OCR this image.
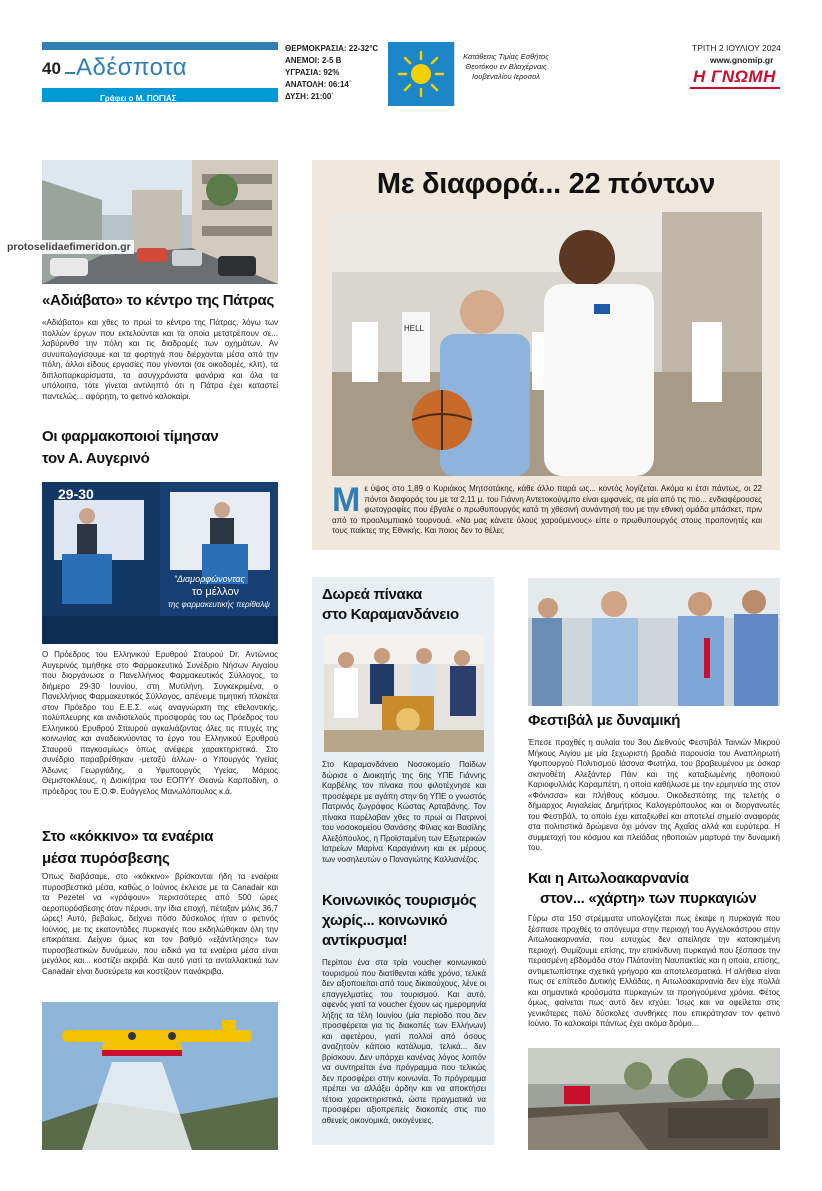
40 Αδέσποτα
Γράφει ο Μ. ΠΟΓΙΑΣ
ΘΕΡΜΟΚΡΑΣΙΑ: 22-32°C
ΑΝΕΜΟΙ: 2-5 Β
ΥΓΡΑΣΙΑ: 92%
ΑΝΑΤΟΛΗ: 06:14΄
ΔΥΣΗ: 21:00΄
Κατάθεσις Τιμίας Εσθήτος Θεοτόκου εν Βλαχέρναις Ιουβεναλίου Ιεροσολ
ΤΡΙΤΗ 2 ΙΟΥΛΙΟΥ 2024
www.gnomip.gr
Η ΓΝΩΜΗ
protoselidaefimeridon.gr
«Αδιάβατο» το κέντρο της Πάτρας
«Αδιάβατο» και χθες το πρωί το κέντρο της Πάτρας, λόγω των πολλών έργων που εκτελούνται και τα οποία μετατρέπουν σε... λαβύρινθο την πόλη και τις διαδρομές των οχημάτων. Αν συνυπολογίσουμε και τα φορτηγά που διέρχονται μέσα από την πόλη, άλλοι είδους εργασίες που γίνονται (σε οικοδομές, κλπ), τα διπλοπαρκαρίσματα, τα ασυγχρόνιστα φανάρια και όλα τα υπόλοιπα, τότε γίνεται αντιληπτό ότι η Πάτρα έχει καταστεί παντελώς... αφόρητη, το φετινό καλοκαίρι.
Οι φαρμακοποιοί τίμησαν
τον Α. Αυγερινό
29-30
“Διαμορφώνοντας
το μέλλον
της φαρμακευτικής περίθαλψ
Ο Πρόεδρος του Ελληνικού Ερυθρού Σταυρού Dr. Αντώνιος Αυγερινός τιμήθηκε στο Φαρμακευτικό Συνέδριο Νήσων Αιγαίου που διοργάνωσε ο Πανελλήνιος Φαρμακευτικός Σύλλογος, το διήμερο 29-30 Ιουνίου, στη Μυτιλήνη. Συγκεκριμένα, ο Πανελλήνιος Φαρμακευτικός Σύλλογος, απένειμε τιμητική πλακέτα στον Πρόεδρο του Ε.Ε.Σ. «ως αναγνώριση της εθελοντικής, πολύπλευρης και ανιδιοτελούς προσφοράς του ως Πρόεδρος του Ελληνικού Ερυθρού Σταυρού αγκαλιάζοντας όλες τις πτυχές της κοινωνίας και αναδεικνύοντας το έργο του Ελληνικού Ερυθρού Σταυρού παγκοσμίως» όπως ανέφερε χαρακτηριστικά. Στο συνέδριο παραβρέθηκαν -μεταξύ άλλων- ο Υπουργός Υγείας Άδωνις Γεωργιάδης, ο Υφυπουργός Υγείας, Μάριος Θεμιστοκλέους, η Διοικήτρια του ΕΟΠΥΥ Θεανώ Καρποδίνη, ο πρόεδρος του Ε.Ο.Φ. Ευάγγελος Μανωλόπουλος κ.ά.
Στο «κόκκινο» τα εναέρια
μέσα πυρόσβεσης
Όπως διαβάσαμε, στο «κόκκινο» βρίσκονται ήδη τα εναέρια πυροσβεστικά μέσα, καθώς ο Ιούνιος έκλεισε με τα Canadair και τα Pezetel να «γράφουν» περισσότερες από 500 ώρες αεροπυρόσβεσης όταν πέρυσι, την ίδια εποχή, πέταξαν μόλις 36,7 ώρες! Αυτό, βεβαίως, δείχνει πόσο δύσκολος ήταν ο φετινός Ιούνιος, με τις εκατοντάδες πυρκαγιές που εκδηλώθηκαν όλη την επικράτεια. Δείχνει όμως και τον βαθμό «εξάντλησης» των πυροσβεστικών δυνάμεων, που ειδικά για τα εναέρια μέσα είναι μεγάλος και... κοστίζει ακριβά. Και αυτό γιατί τα ανταλλακτικά των Canadair είναι δυσεύρετα και κοστίζουν πανάκριβα.
Με διαφορά... 22 πόντων
HELL
Μ ε ύψος στο 1,89 ο Κυριάκος Μητσοτάκης, κάθε άλλο παρά ως... κοντός λογίζεται. Ακόμα κι έτσι πάντως, οι 22 πόντοι διαφοράς του με τα 2,11 μ. του Γιάννη Αντετοκούνμπο είναι εμφανείς, σε μία από τις πιο... ενδιαφέρουσες φωτογραφίες που έβγαλε ο πρωθυπουργός κατά τη χθεσινή συνάντησή του με την εθνική ομάδα μπάσκετ, πριν από το προολυμπιακό τουρνουά. «Να μας κάνετε όλους χαρούμενους» είπε ο πρωθυπουργός στους προπονητές και τους παίκτες της Εθνικής. Και ποιος δεν το θέλει;
Δωρεά πίνακα
στο Καραμανδάνειο
Στο Καραμανδάνειο Νοσοκομείο Παίδων δώρισε ο Διοικητής της 6ης ΥΠΕ Γιάννης Καρβέλης τον πίνακα που φιλοτέχνησε και προσέφερε με αγάπη στην 6η ΥΠΕ ο γνωστός Πατρινός ζωγράφος Κώστας Αρταβάνης. Τον πίνακα παρέλαβαν χθες το πρωί οι Πατρινοί του νοσοκομείου Θανάσης Φίλιας και Βασίλης Αλεξόπουλος, η Προϊσταμένη των Εξωτερικών Ιατρείων Μαρίνα Καραγιάννη και εκ μέρους των νοσηλευτών ο Παναγιώτης Καλλιανέζος.
Κοινωνικός τουρισμός
χωρίς... κοινωνικό
αντίκρυσμα!
Περίπου ένα στα τρία voucher κοινωνικού τουρισμού που διατίθενται κάθε χρόνο, τελικά δεν αξιοποιείται από τους δικαιούχους, λένε οι επαγγελματίες του τουρισμού. Και αυτό, αφενός γιατί τα voucher έχουν ως ημερομηνία λήξης τα τέλη Ιουνίου (μία περίοδο που δεν προσφέρεται για τις διακοπές των Ελλήνων) και αφετέρου, γιατί πολλοί από όσους αναζητούν κάποιο κατάλυμα, τελικά... δεν βρίσκουν. Δεν υπάρχει κανένας λόγος λοιπόν να συντηρείται ένα πρόγραμμα που τελικώς δεν προσφέρει στην κοινωνία. Το πρόγραμμα πρέπει να αλλάξει άρδην και να αποκτήσει τέτοια χαρακτηριστικά, ώστε πραγματικά να προσφέρει αξιοπρεπείς διακοπές στις πιο αθενείς οικονομικά, οικογένειες.
Φεστιβάλ με δυναμική
Έπεσε προχθές η αυλαία του 3ου Διεθνούς Φεστιβάλ Ταινιών Μικρού Μήκους Αιγίου με μία ξεχωριστή βραδιά παρουσία του Αναπληρωτή Υφυπουργού Πολιτισμού Ιάσονα Φωτήλα, του βραβευμένου με όσκαρ σκηνοθέτη Αλεξάντερ Πάιν και της καταξιωμένης ηθοποιού Καριοφυλλιάς Καραμπέτη, η οποία καθήλωσε με την ερμηνεία της στον «Φόνισσα» και πλήθους κόσμου. Οικοδεσπότης της τελετής ο δήμαρχος Αιγιαλείας Δημήτριος Καλογερόπουλος και οι διοργανωτές του Φεστιβάλ, το οποίο έχει καταξιωθεί και αποτελεί σημείο αναφοράς στα πολιτιστικά δρώμενα όχι μόνον της Αχαΐας αλλά και ευρύτερα. Η συμμετοχή του κόσμου και πλειάδας ηθοποιών μαρτυρά την δυναμική του.
Και η Αιτωλοακαρνανία
στον... «χάρτη» των πυρκαγιών
Γύρω στα 150 στρέμματα υπολογίζεται πως έκαψε η πυρκαγιά που ξέσπασε προχθές το απόγευμα στην περιοχή του Αγγελοκάστρου στην Αιτωλοακαρνανία, που ευτυχώς δεν απείλησε την κατοικημένη περιοχή. Θυμίζουμε επίσης, την επικίνδυνη πυρκαγιά που ξέσπασε την περασμένη εβδομάδα στον Πλάτανίτη Ναυπακτίας και η οποία, επίσης, αντιμετωπίστηκε σχετικά γρήγορα και αποτελεσματικά. Η αλήθεια είναι πως σε επίπεδο Δυτικής Ελλάδας, η Αιτωλοακαρνανία δεν είχε πολλά και σημαντικά κρούσματα πυρκαγιών τα προηγούμενα χρόνια. Φέτος όμως, φαίνεται πως αυτό δεν ισχύει. Ίσως και να οφείλεται στις γενικότερες πολύ δύσκολες συνθήκες που επικράτησαν τον φετινό Ιούνιο. Το καλοκαίρι πάντως έχει ακόμα δρόμο...
